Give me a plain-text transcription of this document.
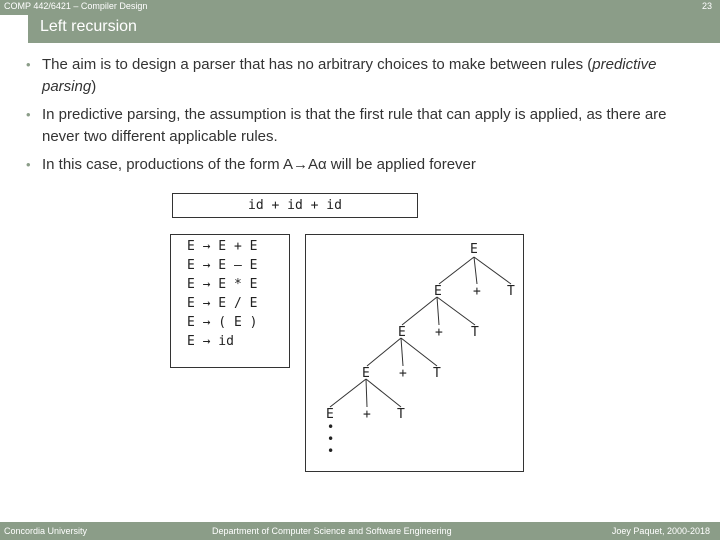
COMP 442/6421 – Compiler Design	23
Left recursion
• The aim is to design a parser that has no arbitrary choices to make between rules (predictive parsing)
• In predictive parsing, the assumption is that the first rule that can apply is applied, as there are never two different applicable rules.
• In this case, productions of the form A→Aα will be applied forever
id + id + id
E → E + E
E → E – E
E → E * E
E → E / E
E → ( E )
E → id
E
E + T
E + T
E + T
E + T
• • •
Concordia University	Department of Computer Science and Software Engineering	Joey Paquet, 2000-2018
